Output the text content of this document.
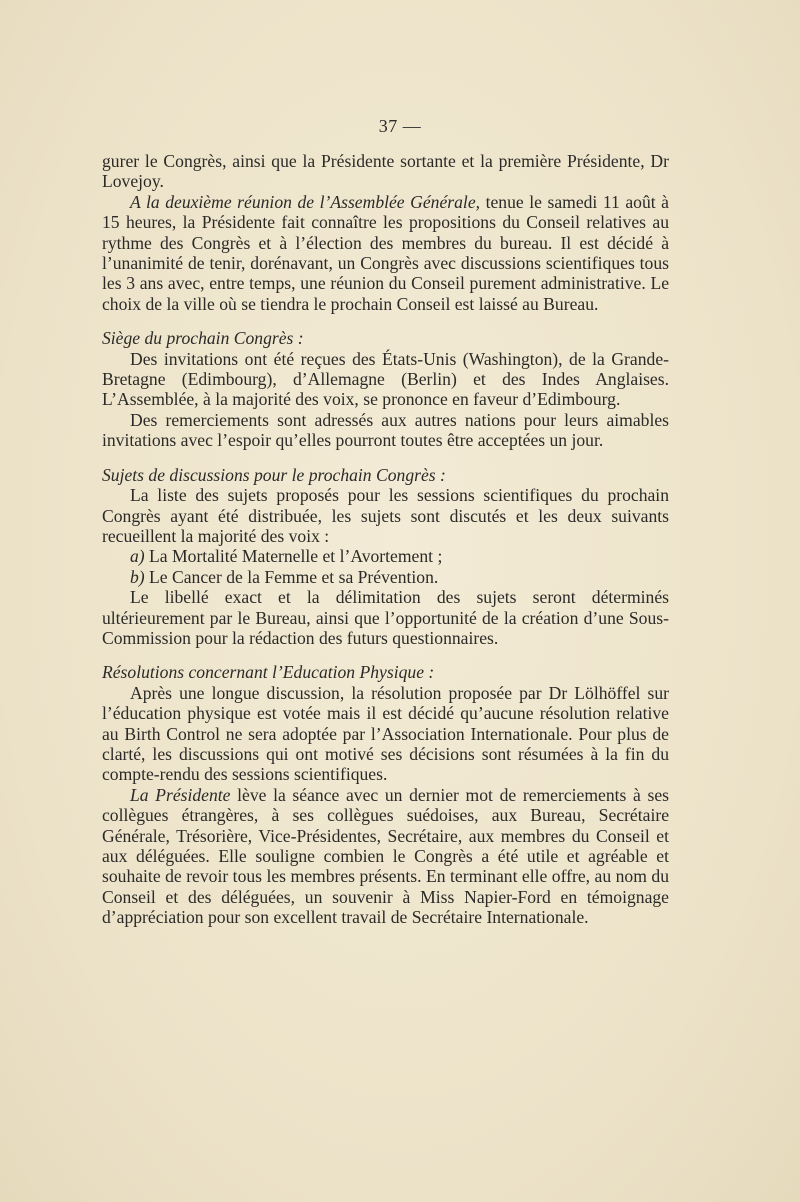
37 —

gurer le Congrès, ainsi que la Présidente sortante et la première Présidente, Dr Lovejoy.

A la deuxième réunion de l’Assemblée Générale, tenue le samedi 11 août à 15 heures, la Présidente fait connaître les propositions du Conseil relatives au rythme des Congrès et à l’élection des membres du bureau. Il est décidé à l’unanimité de tenir, dorénavant, un Congrès avec discussions scientifiques tous les 3 ans avec, entre temps, une réunion du Conseil purement administrative. Le choix de la ville où se tiendra le prochain Conseil est laissé au Bureau.

Siège du prochain Congrès :

Des invitations ont été reçues des États-Unis (Washington), de la Grande-Bretagne (Edimbourg), d’Allemagne (Berlin) et des Indes Anglaises. L’Assemblée, à la majorité des voix, se prononce en faveur d’Edimbourg.

Des remerciements sont adressés aux autres nations pour leurs aimables invitations avec l’espoir qu’elles pourront toutes être acceptées un jour.

Sujets de discussions pour le prochain Congrès :

La liste des sujets proposés pour les sessions scientifiques du prochain Congrès ayant été distribuée, les sujets sont discutés et les deux suivants recueillent la majorité des voix :

a) La Mortalité Maternelle et l’Avortement ;

b) Le Cancer de la Femme et sa Prévention.

Le libellé exact et la délimitation des sujets seront déterminés ultérieurement par le Bureau, ainsi que l’opportunité de la création d’une Sous-Commission pour la rédaction des futurs questionnaires.

Résolutions concernant l’Education Physique :

Après une longue discussion, la résolution proposée par Dr Lölhöffel sur l’éducation physique est votée mais il est décidé qu’aucune résolution relative au Birth Control ne sera adoptée par l’Association Internationale. Pour plus de clarté, les discussions qui ont motivé ses décisions sont résumées à la fin du compte-rendu des sessions scientifiques.

La Présidente lève la séance avec un dernier mot de remerciements à ses collègues étrangères, à ses collègues suédoises, aux Bureau, Secrétaire Générale, Trésorière, Vice-Présidentes, Secrétaire, aux membres du Conseil et aux déléguées. Elle souligne combien le Congrès a été utile et agréable et souhaite de revoir tous les membres présents. En terminant elle offre, au nom du Conseil et des déléguées, un souvenir à Miss Napier-Ford en témoignage d’appréciation pour son excellent travail de Secrétaire Internationale.
